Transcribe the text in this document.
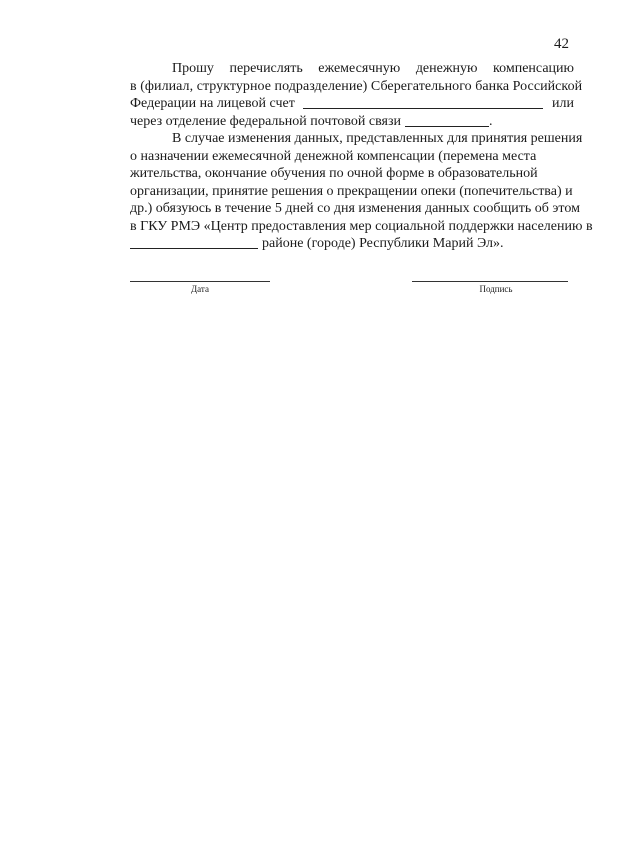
42
Прошу перечислять ежемесячную денежную компенсацию
в (филиал, структурное подразделение) Сберегательного банка Российской
Федерации на лицевой счет	или
через отделение федеральной почтовой связи	.
В случае изменения данных, представленных для принятия решения
о назначении ежемесячной денежной компенсации (перемена места
жительства, окончание обучения по очной форме в образовательной
организации, принятие решения о прекращении опеки (попечительства) и
др.) обязуюсь в течение 5 дней со дня изменения данных сообщить об этом
в ГКУ РМЭ «Центр предоставления мер социальной поддержки населению в
районе (городе) Республики Марий Эл».
Дата	Подпись
